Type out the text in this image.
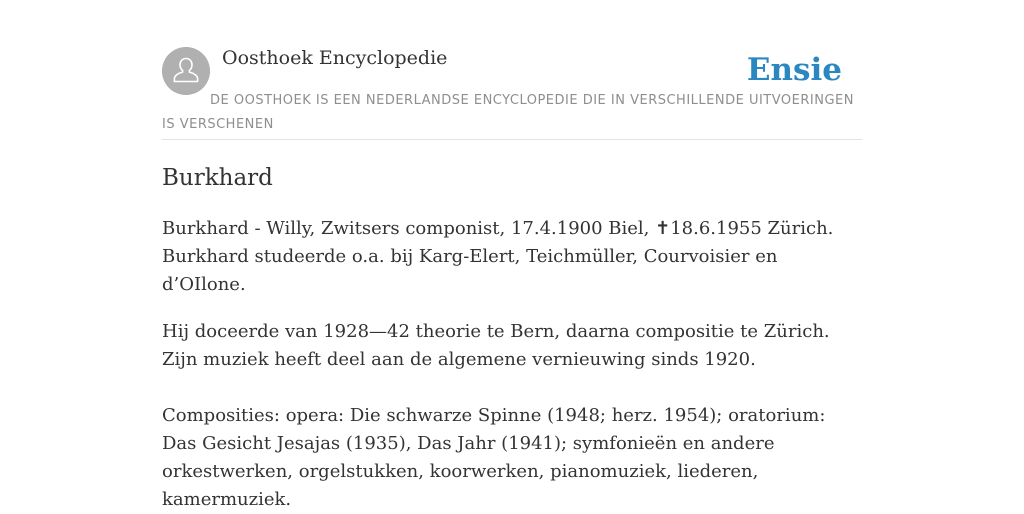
Oosthoek Encyclopedie	Ensie

DE OOSTHOEK IS EEN NEDERLANDSE ENCYCLOPEDIE DIE IN VERSCHILLENDE UITVOERINGEN IS VERSCHENEN

Burkhard

Burkhard - Willy, Zwitsers componist, 17.4.1900 Biel, ✝18.6.1955 Zürich. Burkhard studeerde o.a. bij Karg-Elert, Teichmüller, Courvoisier en d’OIlone.

Hij doceerde van 1928—42 theorie te Bern, daarna compositie te Zürich. Zijn muziek heeft deel aan de algemene vernieuwing sinds 1920.

Composities: opera: Die schwarze Spinne (1948; herz. 1954); oratorium: Das Gesicht Jesajas (1935), Das Jahr (1941); symfonieën en andere orkestwerken, orgelstukken, koorwerken, pianomuziek, liederen, kamermuziek.
